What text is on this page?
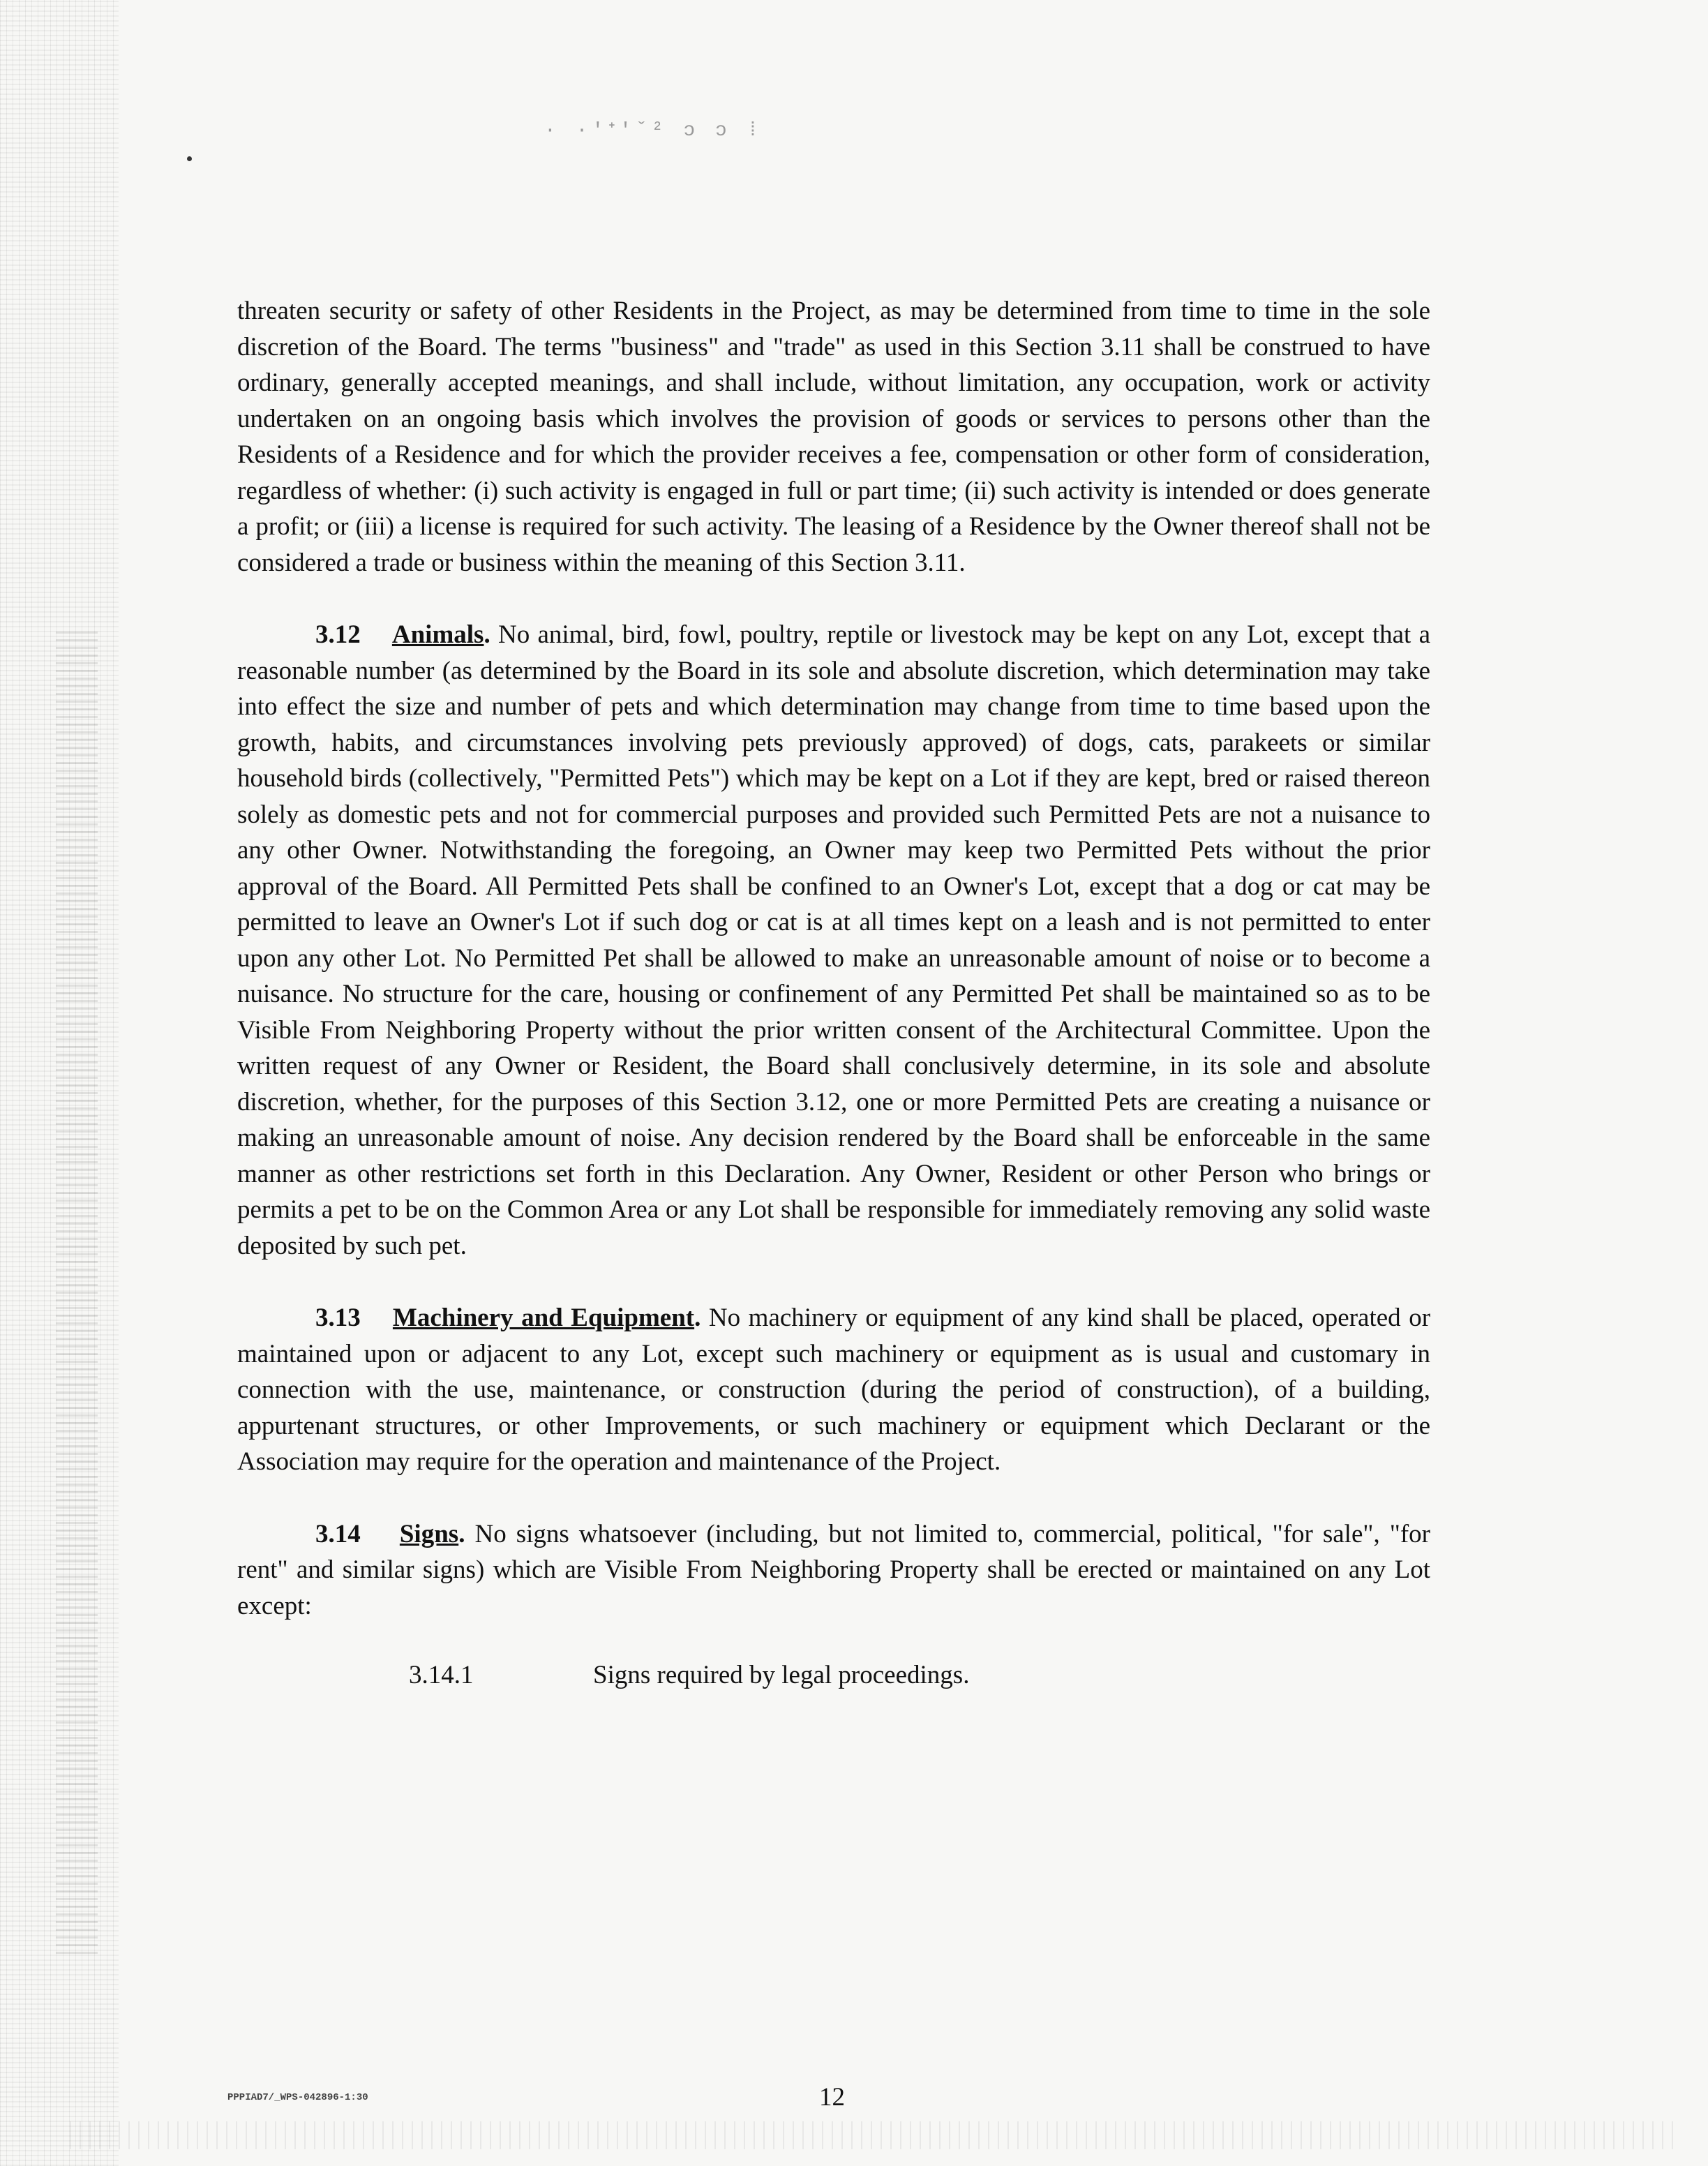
· ·'ᐩ'ˇ² ɔ ɔ ⁞

threaten security or safety of other Residents in the Project, as may be determined from time to time in the sole discretion of the Board. The terms "business" and "trade" as used in this Section 3.11 shall be construed to have ordinary, generally accepted meanings, and shall include, without limitation, any occupation, work or activity undertaken on an ongoing basis which involves the provision of goods or services to persons other than the Residents of a Residence and for which the provider receives a fee, compensation or other form of consideration, regardless of whether: (i) such activity is engaged in full or part time; (ii) such activity is intended or does generate a profit; or (iii) a license is required for such activity. The leasing of a Residence by the Owner thereof shall not be considered a trade or business within the meaning of this Section 3.11.

3.12 Animals. No animal, bird, fowl, poultry, reptile or livestock may be kept on any Lot, except that a reasonable number (as determined by the Board in its sole and absolute discretion, which determination may take into effect the size and number of pets and which determination may change from time to time based upon the growth, habits, and circumstances involving pets previously approved) of dogs, cats, parakeets or similar household birds (collectively, "Permitted Pets") which may be kept on a Lot if they are kept, bred or raised thereon solely as domestic pets and not for commercial purposes and provided such Permitted Pets are not a nuisance to any other Owner. Notwithstanding the foregoing, an Owner may keep two Permitted Pets without the prior approval of the Board. All Permitted Pets shall be confined to an Owner's Lot, except that a dog or cat may be permitted to leave an Owner's Lot if such dog or cat is at all times kept on a leash and is not permitted to enter upon any other Lot. No Permitted Pet shall be allowed to make an unreasonable amount of noise or to become a nuisance. No structure for the care, housing or confinement of any Permitted Pet shall be maintained so as to be Visible From Neighboring Property without the prior written consent of the Architectural Committee. Upon the written request of any Owner or Resident, the Board shall conclusively determine, in its sole and absolute discretion, whether, for the purposes of this Section 3.12, one or more Permitted Pets are creating a nuisance or making an unreasonable amount of noise. Any decision rendered by the Board shall be enforceable in the same manner as other restrictions set forth in this Declaration. Any Owner, Resident or other Person who brings or permits a pet to be on the Common Area or any Lot shall be responsible for immediately removing any solid waste deposited by such pet.

3.13 Machinery and Equipment. No machinery or equipment of any kind shall be placed, operated or maintained upon or adjacent to any Lot, except such machinery or equipment as is usual and customary in connection with the use, maintenance, or construction (during the period of construction), of a building, appurtenant structures, or other Improvements, or such machinery or equipment which Declarant or the Association may require for the operation and maintenance of the Project.

3.14 Signs. No signs whatsoever (including, but not limited to, commercial, political, "for sale", "for rent" and similar signs) which are Visible From Neighboring Property shall be erected or maintained on any Lot except:

3.14.1	Signs required by legal proceedings.
PPPIAD7/_WPS-042896-1:30	12
